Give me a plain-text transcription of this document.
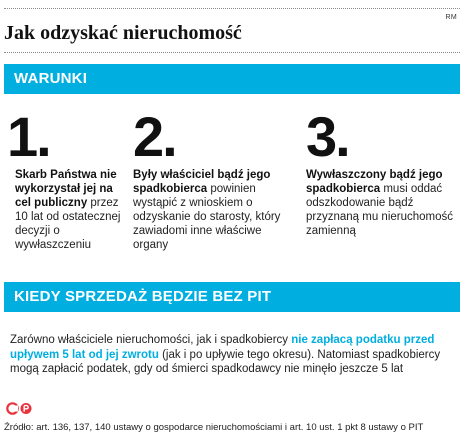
RM
Jak odzyskać nieruchomość
WARUNKI
1.

Skarb Państwa nie wykorzystał jej na cel publiczny przez 10 lat od ostatecznej decyzji o wywłaszczeniu

2.

Były właściciel bądź jego spadkobierca powinien wystąpić z wnioskiem o odzyskanie do starosty, który zawiadomi inne właściwe organy

3.

Wywłaszczony bądź jego spadkobierca musi oddać odszkodowanie bądź przyznaną mu nieruchomość zamienną

KIEDY SPRZEDAŻ BĘDZIE BEZ PIT

Zarówno właściciele nieruchomości, jak i spadkobiercy nie zapłacą podatku przed upływem 5 lat od jej zwrotu (jak i po upływie tego okresu). Natomiast spadkobiercy mogą zapłacić podatek, gdy od śmierci spadkodawcy nie minęło jeszcze 5 lat

Źródło: art. 136, 137, 140 ustawy o gospodarce nieruchomościami i art. 10 ust. 1 pkt 8 ustawy o PIT
